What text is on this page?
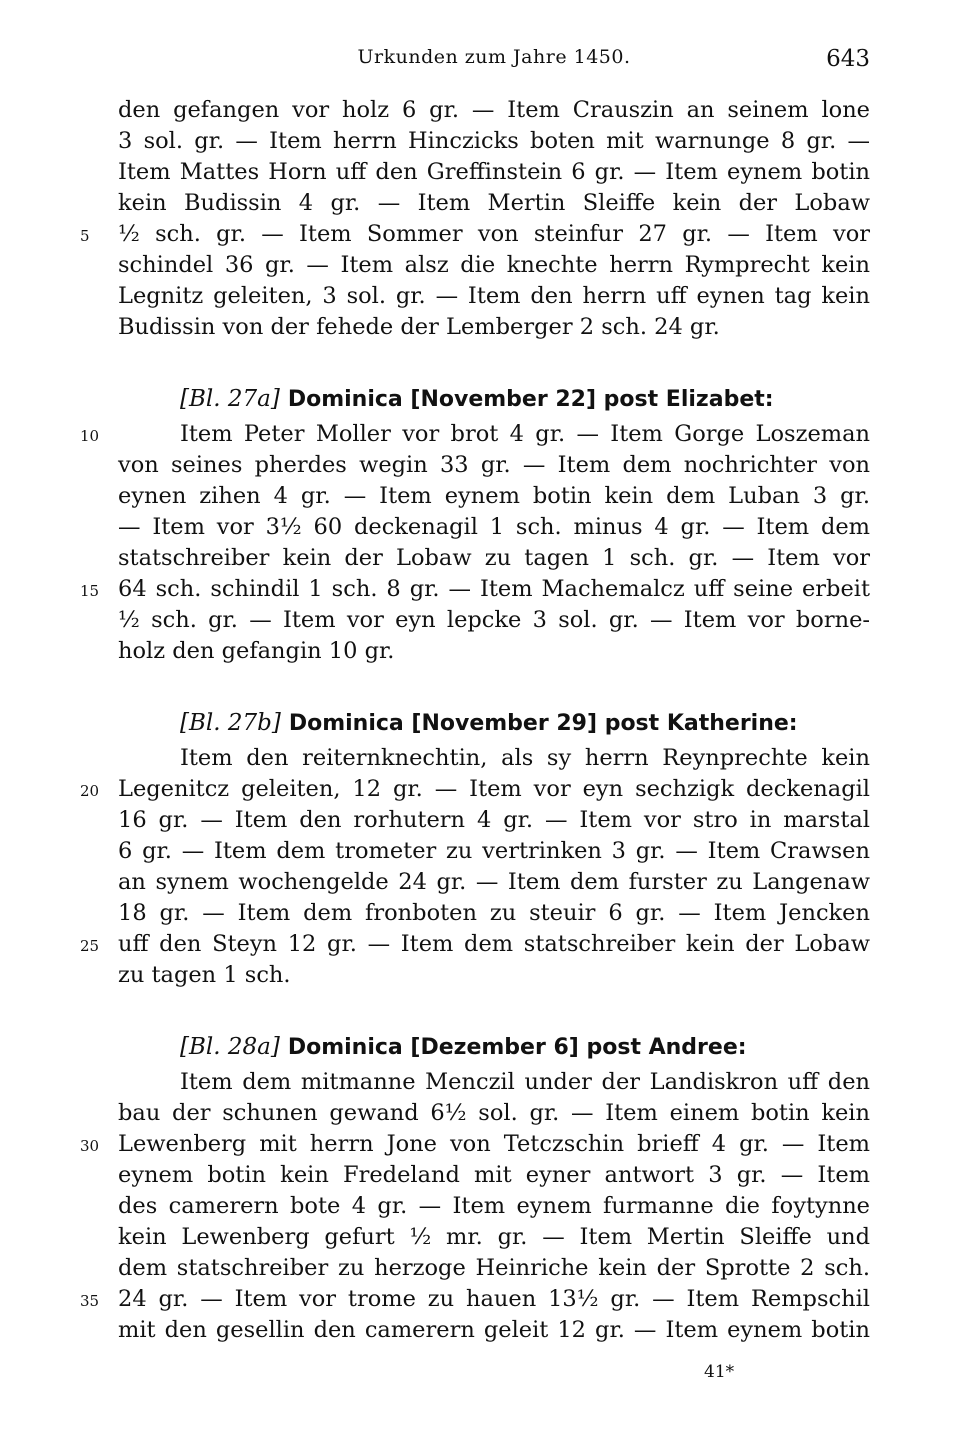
Urkunden zum Jahre 1450.	643
den gefangen vor holz 6 gr. — Item Crauszin an seinem lone
3 sol. gr. — Item herrn Hinczicks boten mit warnunge 8 gr. —
Item Mattes Horn uff den Greffinstein 6 gr. — Item eynem botin
kein Budissin 4 gr. — Item Mertin Sleiffe kein der Lobaw
5	½ sch. gr. — Item Sommer von steinfur 27 gr. — Item vor
schindel 36 gr. — Item alsz die knechte herrn Rymprecht kein
Legnitz geleiten, 3 sol. gr. — Item den herrn uff eynen tag kein
Budissin von der fehede der Lemberger 2 sch. 24 gr.
[Bl. 27a] Dominica [November 22] post Elizabet:
10	Item Peter Moller vor brot 4 gr. — Item Gorge Loszeman
von seines pherdes wegin 33 gr. — Item dem nochrichter von
eynen zihen 4 gr. — Item eynem botin kein dem Luban 3 gr.
— Item vor 3½ 60 deckenagil 1 sch. minus 4 gr. — Item dem
statschreiber kein der Lobaw zu tagen 1 sch. gr. — Item vor
15 64 sch. schindil 1 sch. 8 gr. — Item Machemalcz uff seine erbeit
½ sch. gr. — Item vor eyn lepcke 3 sol. gr. — Item vor borne-
holz den gefangin 10 gr.
[Bl. 27b] Dominica [November 29] post Katherine:
Item den reiternknechtin, als sy herrn Reynprechte kein
20 Legenitcz geleiten, 12 gr. — Item vor eyn sechzigk deckenagil
16 gr. — Item den rorhutern 4 gr. — Item vor stro in marstal
6 gr. — Item dem trometer zu vertrinken 3 gr. — Item Crawsen
an synem wochengelde 24 gr. — Item dem furster zu Langenaw
18 gr. — Item dem fronboten zu steuir 6 gr. — Item Jencken
25 uff den Steyn 12 gr. — Item dem statschreiber kein der Lobaw
zu tagen 1 sch.
[Bl. 28a] Dominica [Dezember 6] post Andree:
Item dem mitmanne Menczil under der Landiskron uff den
bau der schunen gewand 6½ sol. gr. — Item einem botin kein
30 Lewenberg mit herrn Jone von Tetczschin brieff 4 gr. — Item
eynem botin kein Fredeland mit eyner antwort 3 gr. — Item
des camerern bote 4 gr. — Item eynem furmanne die foytynne
kein Lewenberg gefurt ½ mr. gr. — Item Mertin Sleiffe und
dem statschreiber zu herzoge Heinriche kein der Sprotte 2 sch.
35 24 gr. — Item vor trome zu hauen 13½ gr. — Item Rempschil
mit den gesellin den camerern geleit 12 gr. — Item eynem botin
41*
